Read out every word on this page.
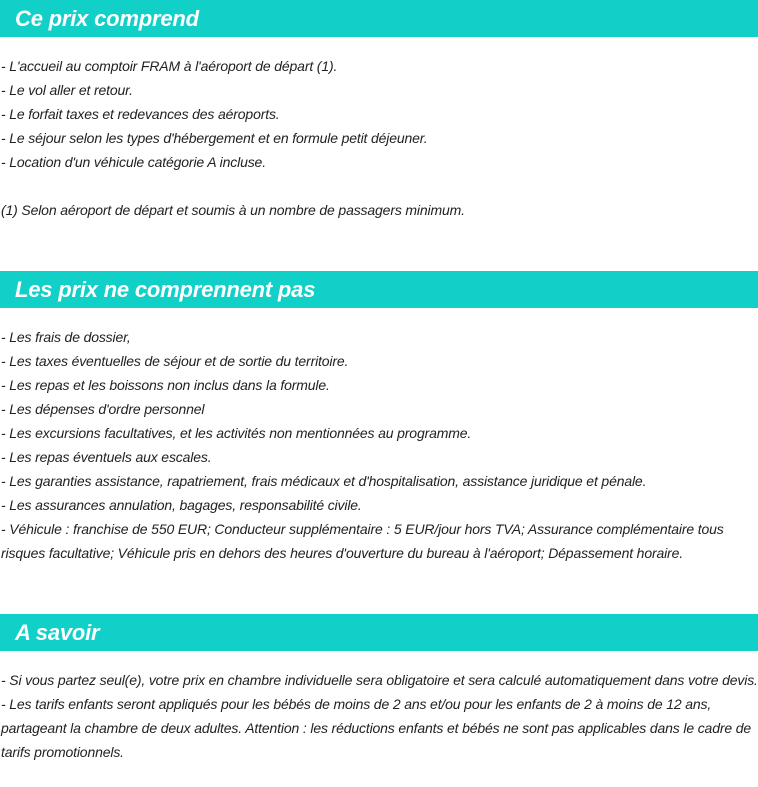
Ce prix comprend
- L'accueil au comptoir FRAM à l'aéroport de départ (1).
- Le vol aller et retour.
- Le forfait taxes et redevances des aéroports.
- Le séjour selon les types d'hébergement et en formule petit déjeuner.
- Location d'un véhicule catégorie A incluse.
(1) Selon aéroport de départ et soumis à un nombre de passagers minimum.
Les prix ne comprennent pas
- Les frais de dossier,
- Les taxes éventuelles de séjour et de sortie du territoire.
- Les repas et les boissons non inclus dans la formule.
- Les dépenses d'ordre personnel
- Les excursions facultatives, et les activités non mentionnées au programme.
- Les repas éventuels aux escales.
- Les garanties assistance, rapatriement, frais médicaux et d'hospitalisation, assistance juridique et pénale.
- Les assurances annulation, bagages, responsabilité civile.
- Véhicule : franchise de 550 EUR; Conducteur supplémentaire : 5 EUR/jour hors TVA; Assurance complémentaire tous risques facultative; Véhicule pris en dehors des heures d'ouverture du bureau à l'aéroport; Dépassement horaire.
A savoir
- Si vous partez seul(e), votre prix en chambre individuelle sera obligatoire et sera calculé automatiquement dans votre devis.
- Les tarifs enfants seront appliqués pour les bébés de moins de 2 ans et/ou pour les enfants de 2 à moins de 12 ans, partageant la chambre de deux adultes. Attention : les réductions enfants et bébés ne sont pas applicables dans le cadre de tarifs promotionnels.
